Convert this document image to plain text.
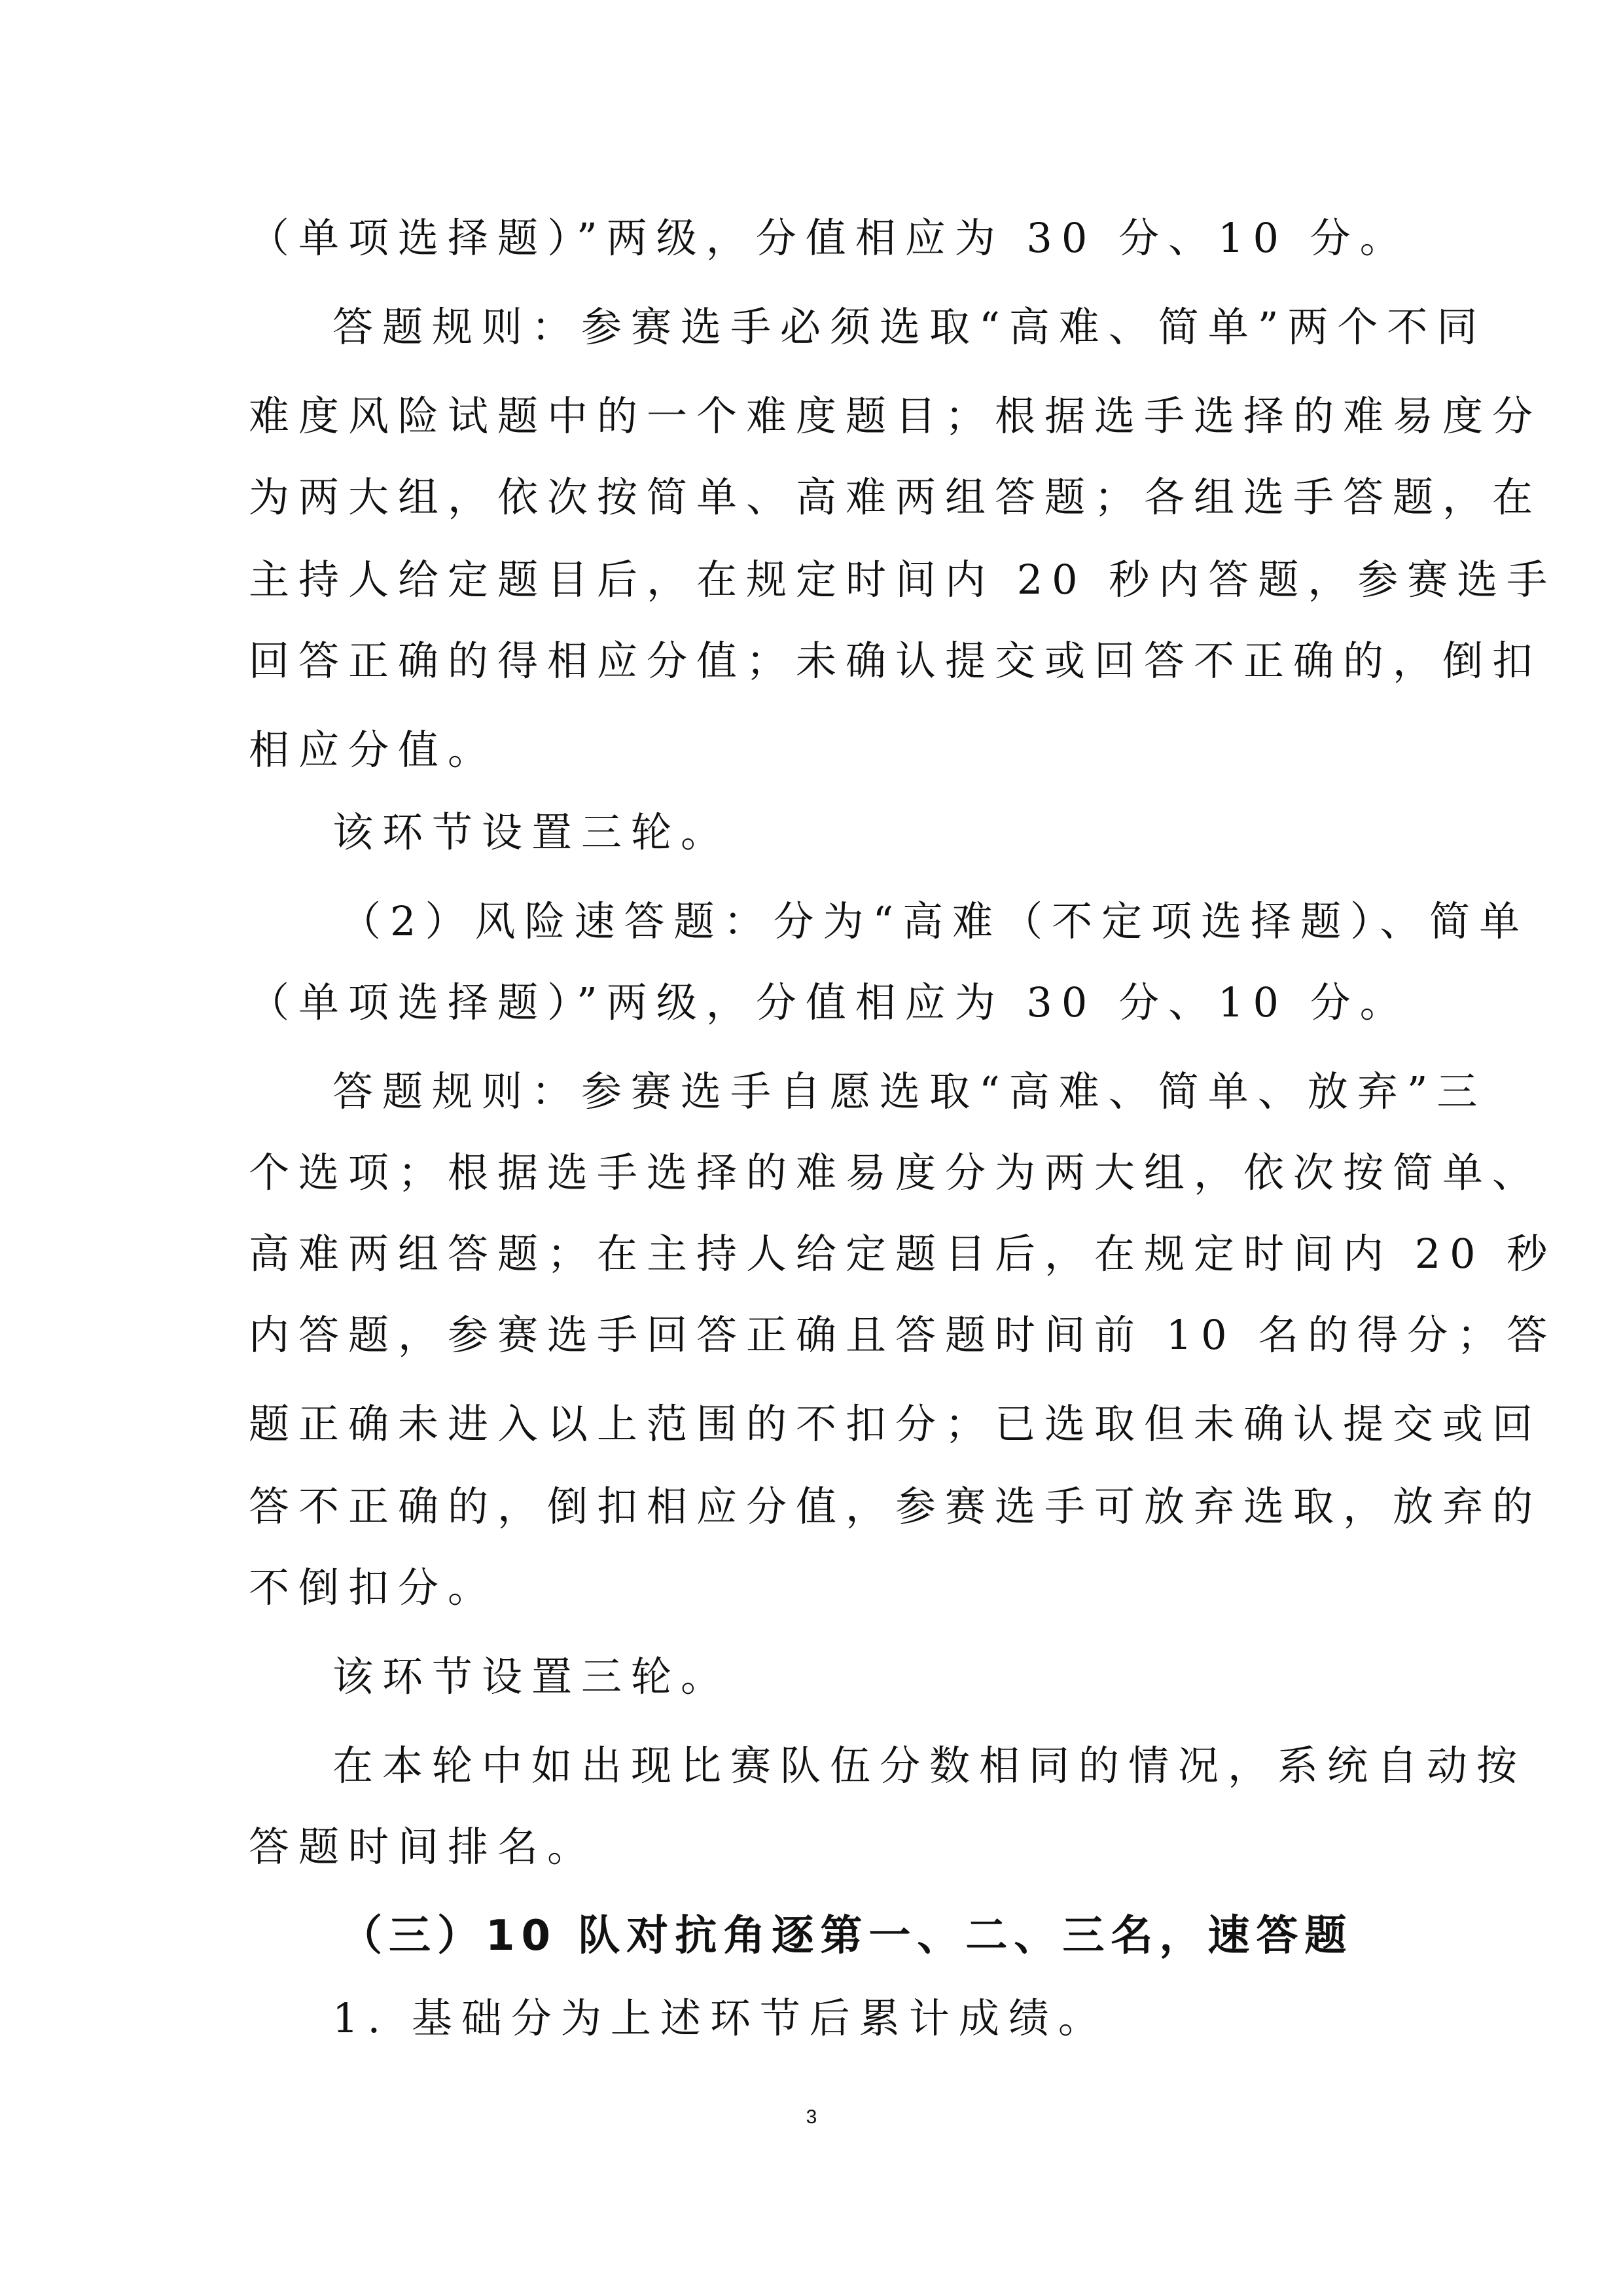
（单项选择题）”两级，分值相应为 30 分、10 分。
答题规则：参赛选手必须选取“高难、简单”两个不同
难度风险试题中的一个难度题目；根据选手选择的难易度分
为两大组，依次按简单、高难两组答题；各组选手答题，在
主持人给定题目后，在规定时间内 20 秒内答题，参赛选手
回答正确的得相应分值；未确认提交或回答不正确的，倒扣
相应分值。
该环节设置三轮。
（2）风险速答题：分为“高难（不定项选择题）、简单
（单项选择题）”两级，分值相应为 30 分、10 分。
答题规则：参赛选手自愿选取“高难、简单、放弃”三
个选项；根据选手选择的难易度分为两大组，依次按简单、
高难两组答题；在主持人给定题目后，在规定时间内 20 秒
内答题，参赛选手回答正确且答题时间前 10 名的得分；答
题正确未进入以上范围的不扣分；已选取但未确认提交或回
答不正确的，倒扣相应分值，参赛选手可放弃选取，放弃的
不倒扣分。
该环节设置三轮。
在本轮中如出现比赛队伍分数相同的情况，系统自动按
答题时间排名。
（三）10 队对抗角逐第一、二、三名，速答题
1. 基础分为上述环节后累计成绩。
3
